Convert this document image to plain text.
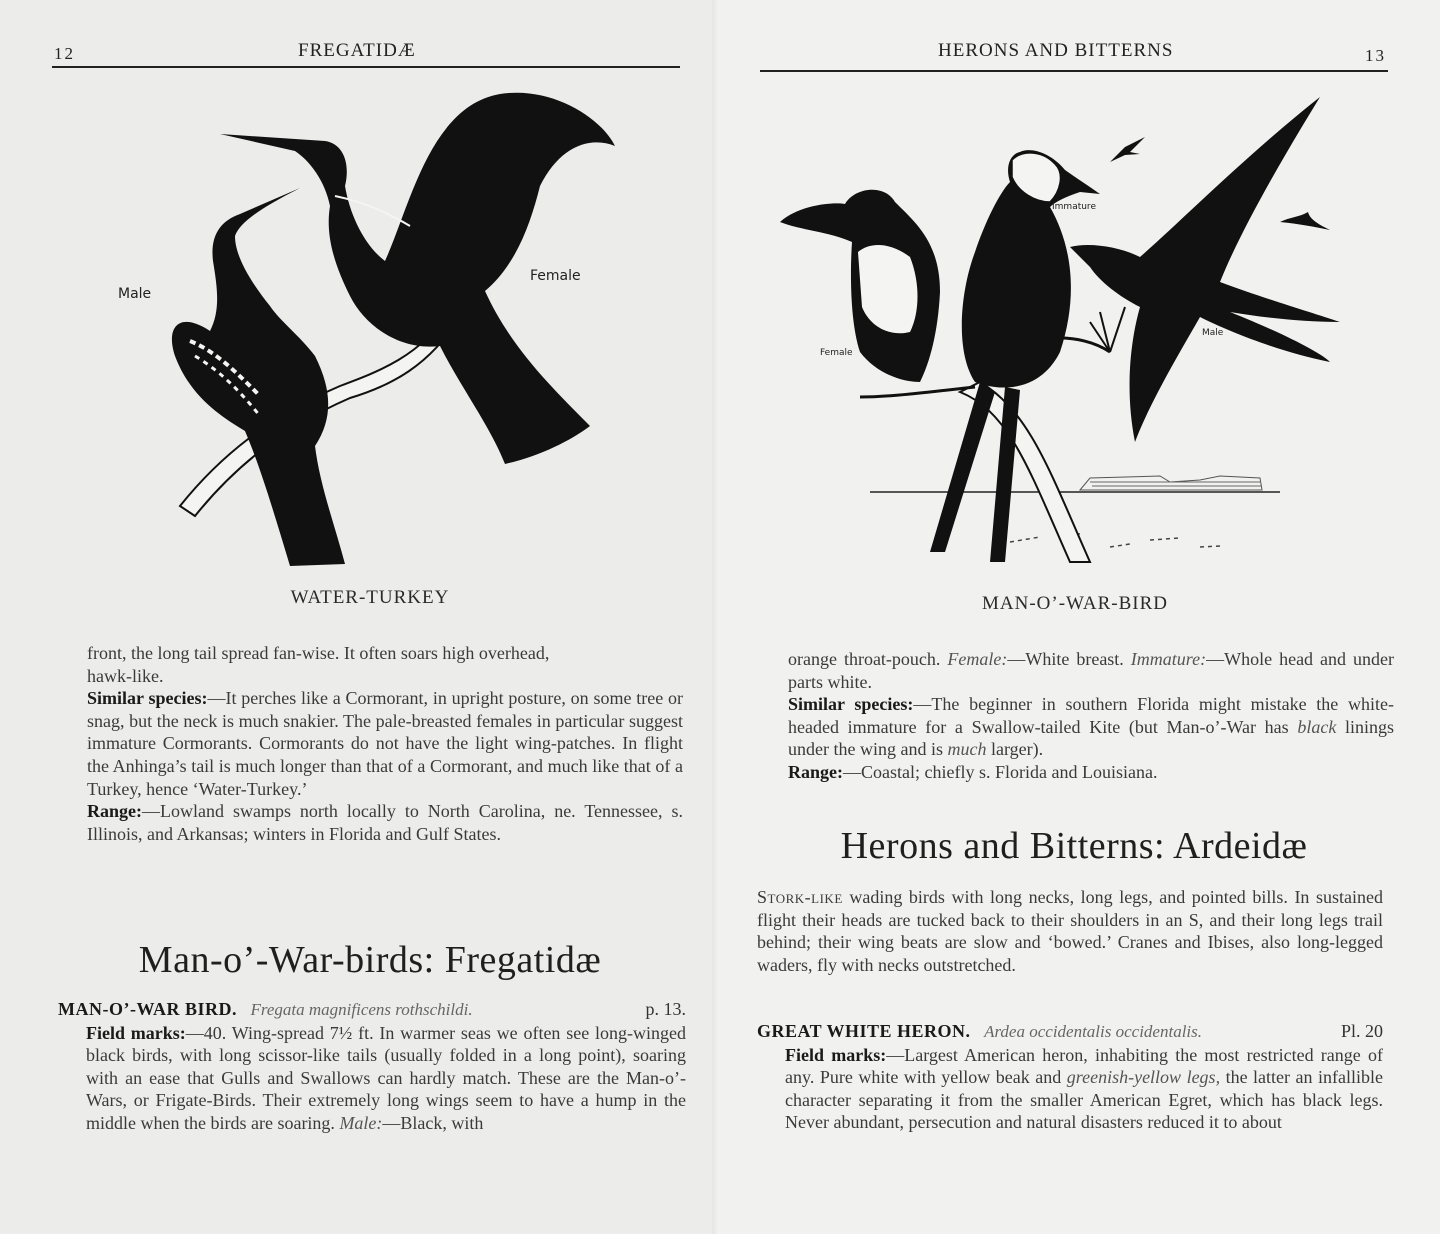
12	FREGATIDÆ
Male
Female
WATER-TURKEY

front, the long tail spread fan-wise. It often soars high overhead,

hawk-like.

Similar species:—It perches like a Cormorant, in upright posture, on some tree or snag, but the neck is much snakier. The pale-breasted females in particular suggest immature Cormorants. Cormorants do not have the light wing-patches. In flight the Anhinga’s tail is much longer than that of a Cormorant, and much like that of a Turkey, hence ‘Water-Turkey.’

Range:—Lowland swamps north locally to North Carolina, ne. Tennessee, s. Illinois, and Arkansas; winters in Florida and Gulf States.

Man-o’-War-birds: Fregatidæ
MAN-O’-WAR BIRD. Fregata magnificens rothschildi.	p. 13.

Field marks:—40. Wing-spread 7½ ft. In warmer seas we often see long-winged black birds, with long scissor-like tails (usually folded in a long point), soaring with an ease that Gulls and Swallows can hardly match. These are the Man-o’-Wars, or Frigate-Birds. Their extremely long wings seem to have a hump in the middle when the birds are soaring. Male:—Black, with

HERONS AND BITTERNS	13
Immature
Female
Male
MAN-O’-WAR-BIRD

orange throat-pouch. Female:—White breast. Immature:—Whole head and under parts white.

Similar species:—The beginner in southern Florida might mistake the white-headed immature for a Swallow-tailed Kite (but Man-o’-War has black linings under the wing and is much larger).

Range:—Coastal; chiefly s. Florida and Louisiana.

Herons and Bitterns: Ardeidæ

Stork-like wading birds with long necks, long legs, and pointed bills. In sustained flight their heads are tucked back to their shoulders in an S, and their long legs trail behind; their wing beats are slow and ‘bowed.’ Cranes and Ibises, also long-legged waders, fly with necks outstretched.

GREAT WHITE HERON. Ardea occidentalis occidentalis.	Pl. 20

Field marks:—Largest American heron, inhabiting the most restricted range of any. Pure white with yellow beak and greenish-yellow legs, the latter an infallible character separating it from the smaller American Egret, which has black legs. Never abundant, persecution and natural disasters reduced it to about
